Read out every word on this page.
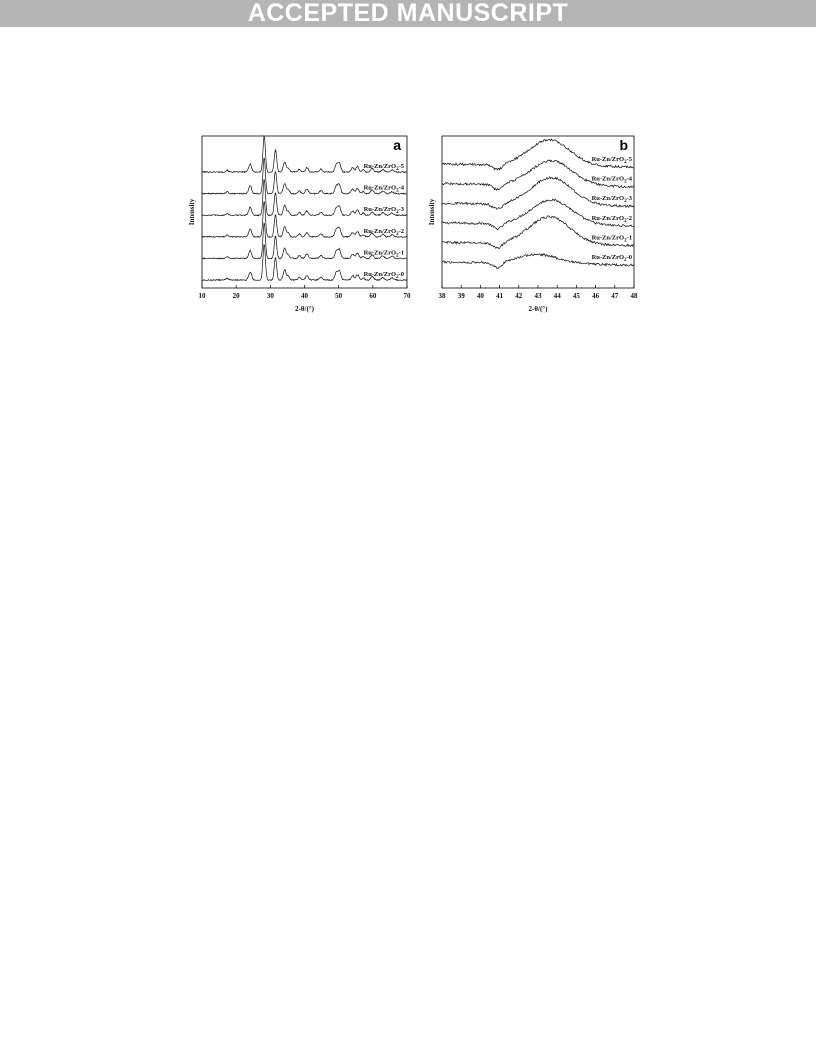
ACCEPTED MANUSCRIPT
10	20	30	40	50	60	70
2-θ/(°)
Intensity
a
Ru-Zn/ZrO$_2$-5
Ru-Zn/ZrO$_2$-4
Ru-Zn/ZrO$_2$-3
Ru-Zn/ZrO$_2$-2
Ru-Zn/ZrO$_2$-1
Ru-Zn/ZrO$_2$-0
38 39 40 41 42 43 44 45 46 47 48
2-θ/(°)
Intensity
b
Ru-Zn/ZrO$_2$-5
Ru-Zn/ZrO$_2$-4
Ru-Zn/ZrO$_2$-3
Ru-Zn/ZrO$_2$-2
Ru-Zn/ZrO$_2$-1
Ru-Zn/ZrO$_2$-0
